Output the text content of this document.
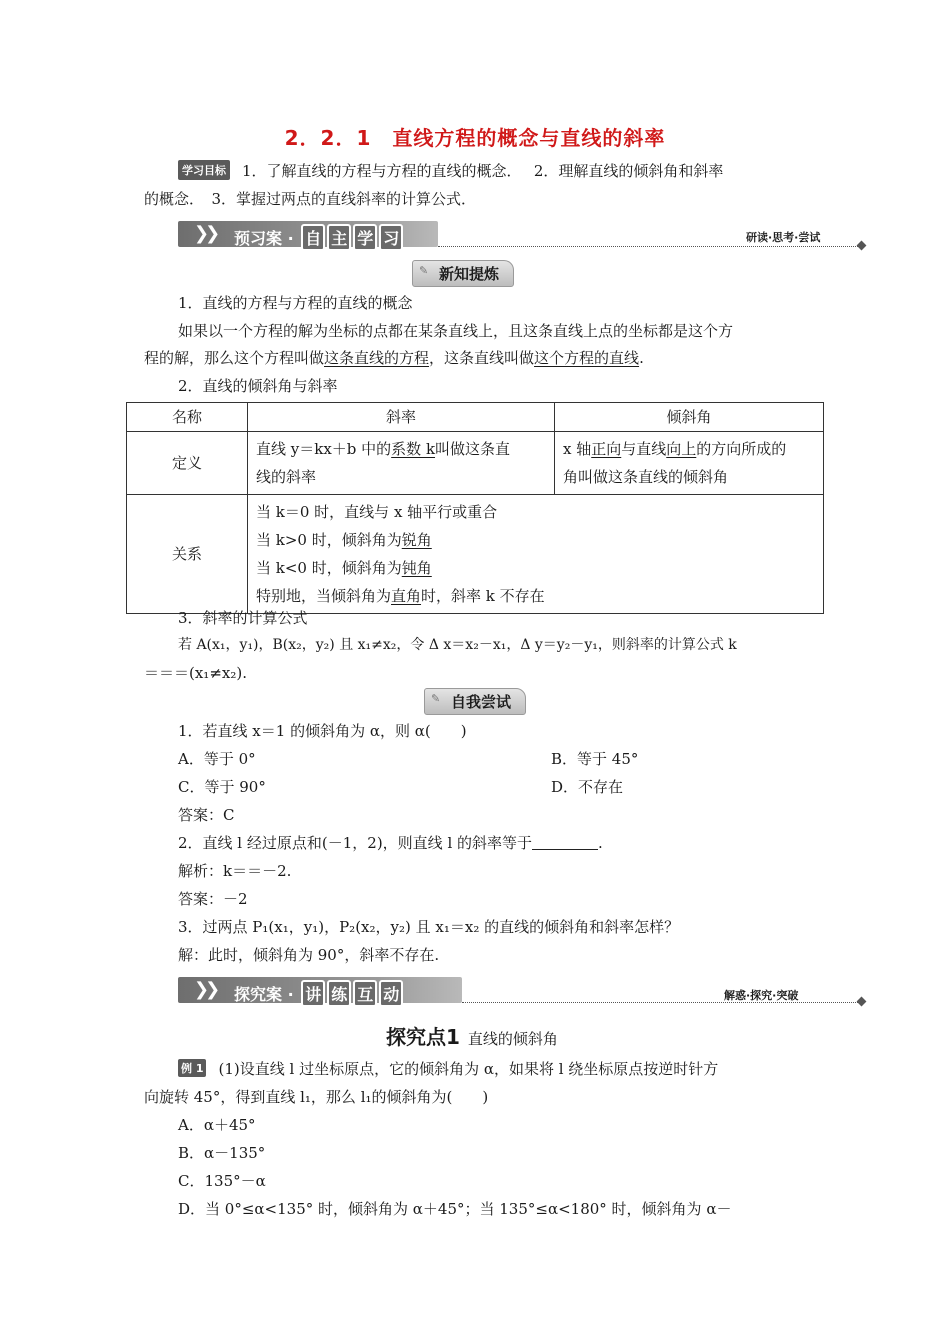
2．2．1　直线方程的概念与直线的斜率
学习目标 1．了解直线的方程与方程的直线的概念．　 2．理解直线的倾斜角和斜率
的概念．　3．掌握过两点的直线斜率的计算公式．
❯❯ 预习案 · 自 主 学 习	研读·思考·尝试
✎ 新知提炼
1．直线的方程与方程的直线的概念
如果以一个方程的解为坐标的点都在某条直线上，且这条直线上点的坐标都是这个方
程的解，那么这个方程叫做这条直线的方程，这条直线叫做这个方程的直线.
2．直线的倾斜角与斜率
名称	斜率	倾斜角
定义	直线 y＝kx＋b 中的系数 k叫做这条直
线的斜率	x 轴正向与直线向上的方向所成的
角叫做这条直线的倾斜角
关系	当 k＝0 时，直线与 x 轴平行或重合
当 k>0 时，倾斜角为锐角
当 k<0 时，倾斜角为钝角
特别地，当倾斜角为直角时，斜率 k 不存在	
3．斜率的计算公式
若 A(x₁，y₁)，B(x₂，y₂) 且 x₁≠x₂，令 Δ x＝x₂－x₁，Δ y＝y₂－y₁，则斜率的计算公式 k
＝＝＝(x₁≠x₂).
✎ 自我尝试
1．若直线 x＝1 的倾斜角为 α，则 α(　　)
A．等于 0°	B．等于 45°
C．等于 90°	D．不存在
答案：C
2．直线 l 经过原点和(－1，2)，则直线 l 的斜率等于	.
解析：k＝＝－2.
答案：－2
3．过两点 P₁(x₁，y₁)，P₂(x₂，y₂) 且 x₁＝x₂ 的直线的倾斜角和斜率怎样？
解：此时，倾斜角为 90°，斜率不存在.
❯❯ 探究案 · 讲 练 互 动	解惑·探究·突破
探究点1 直线的倾斜角
例 1 (1)设直线 l 过坐标原点，它的倾斜角为 α，如果将 l 绕坐标原点按逆时针方
向旋转 45°，得到直线 l₁，那么 l₁的倾斜角为(　　)
A．α＋45°
B．α－135°
C．135°－α
D．当 0°≤α<135° 时，倾斜角为 α＋45°；当 135°≤α<180° 时，倾斜角为 α－
